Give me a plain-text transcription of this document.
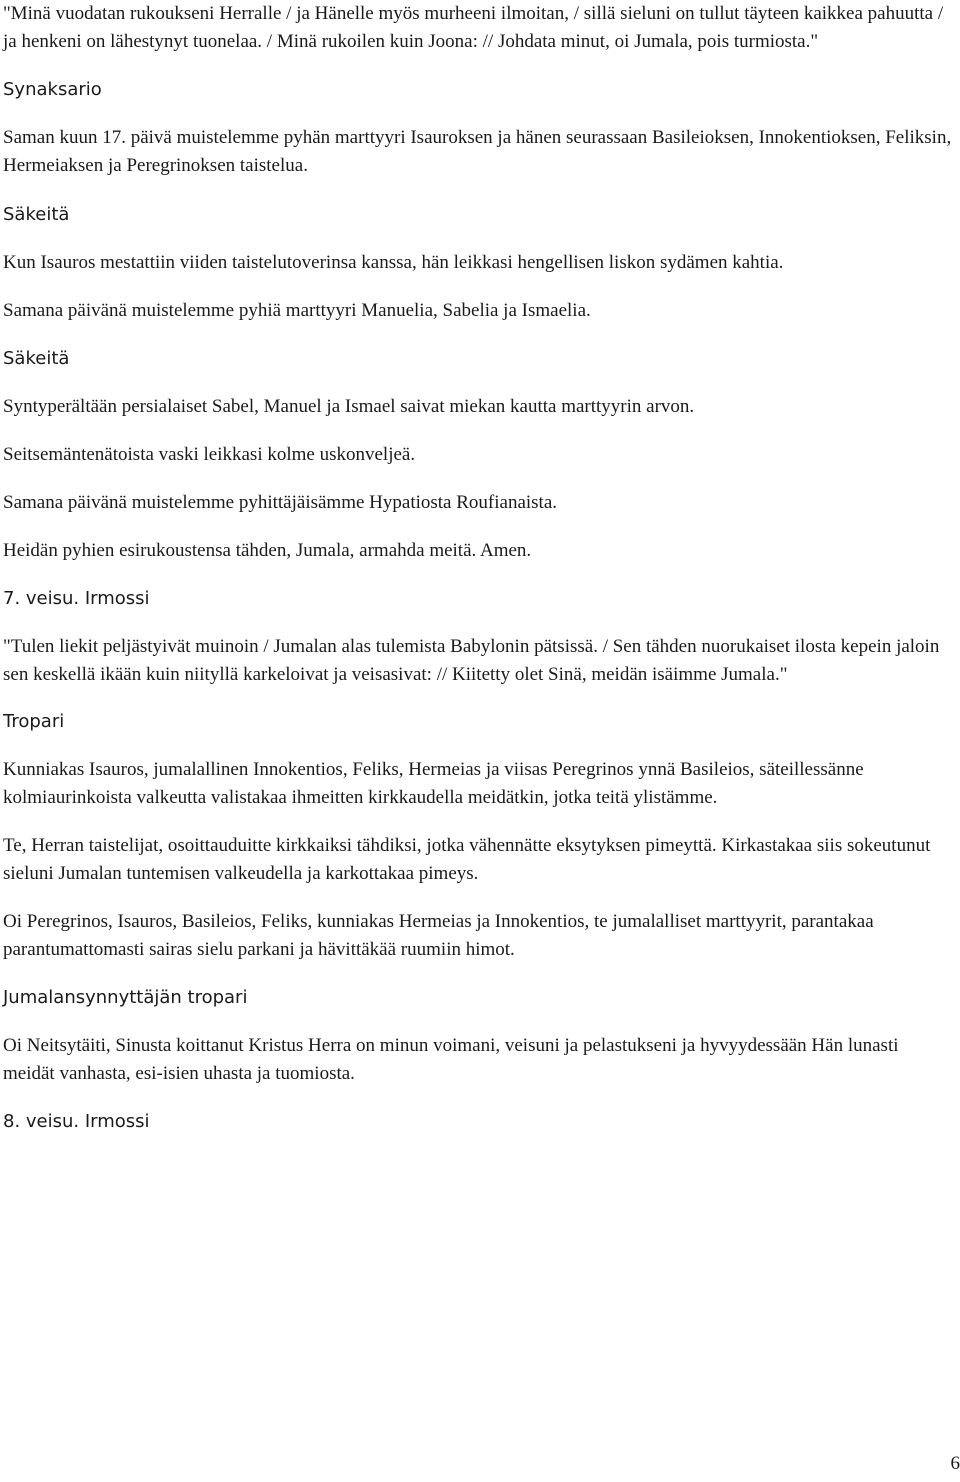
"Minä vuodatan rukoukseni Herralle / ja Hänelle myös murheeni ilmoitan, / sillä sieluni on tullut täyteen kaikkea pahuutta / ja henkeni on lähestynyt tuonelaa. / Minä rukoilen kuin Joona: // Johdata minut, oi Jumala, pois turmiosta."

Synaksario

Saman kuun 17. päivä muistelemme pyhän marttyyri Isauroksen ja hänen seurassaan Basileioksen, Innokentioksen, Feliksin, Hermeiaksen ja Peregrinoksen taistelua.

Säkeitä

Kun Isauros mestattiin viiden taistelutoverinsa kanssa, hän leikkasi hengellisen liskon sydämen kahtia.

Samana päivänä muistelemme pyhiä marttyyri Manuelia, Sabelia ja Ismaelia.

Säkeitä

Syntyperältään persialaiset Sabel, Manuel ja Ismael saivat miekan kautta marttyyrin arvon.

Seitsemäntenätoista vaski leikkasi kolme uskonveljeä.

Samana päivänä muistelemme pyhittäjäisämme Hypatiosta Roufianaista.

Heidän pyhien esirukoustensa tähden, Jumala, armahda meitä. Amen.

7. veisu. Irmossi

"Tulen liekit peljästyivät muinoin / Jumalan alas tulemista Babylonin pätsissä. / Sen tähden nuorukaiset ilosta kepein jaloin sen keskellä ikään kuin niityllä karkeloivat ja veisasivat: // Kiitetty olet Sinä, meidän isäimme Jumala."

Tropari

Kunniakas Isauros, jumalallinen Innokentios, Feliks, Hermeias ja viisas Peregrinos ynnä Basileios, säteillessänne kolmiaurinkoista valkeutta valistakaa ihmeitten kirkkaudella meidätkin, jotka teitä ylistämme.

Te, Herran taistelijat, osoittauduitte kirkkaiksi tähdiksi, jotka vähennätte eksytyksen pimeyttä. Kirkastakaa siis sokeutunut sieluni Jumalan tuntemisen valkeudella ja karkottakaa pimeys.

Oi Peregrinos, Isauros, Basileios, Feliks, kunniakas Hermeias ja Innokentios, te jumalalliset marttyyrit, parantakaa parantumattomasti sairas sielu parkani ja hävittäkää ruumiin himot.

Jumalansynnyttäjän tropari

Oi Neitsytäiti, Sinusta koittanut Kristus Herra on minun voimani, veisuni ja pelastukseni ja hyvyydessään Hän lunasti meidät vanhasta, esi-isien uhasta ja tuomiosta.

8. veisu. Irmossi
6
